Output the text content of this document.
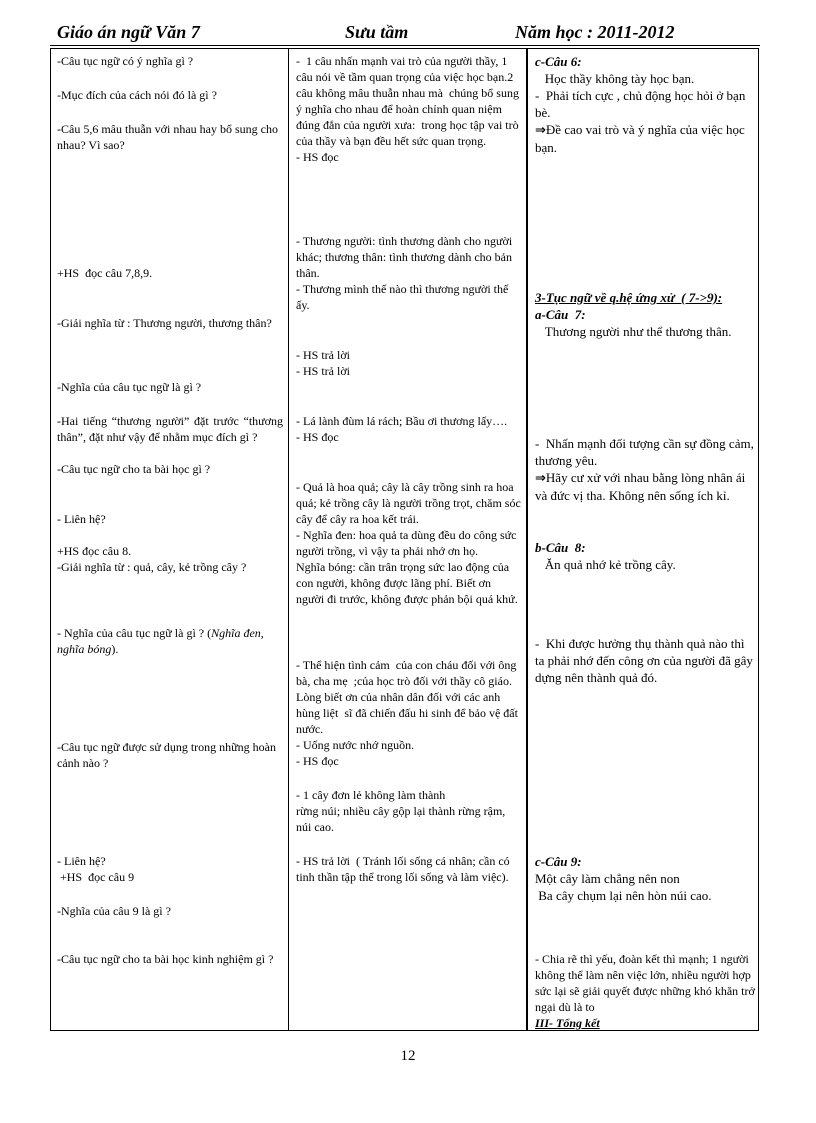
Giáo án ngữ Văn 7	Sưu tầm	Năm học : 2011-2012

-Câu tục ngữ có ý nghĩa gì ?

-Mục đích của cách nói đó là gì ?

-Câu 5,6 mâu thuẫn với nhau hay bổ sung cho nhau? Vì sao?

+HS  đọc câu 7,8,9.

-Giải nghĩa từ : Thương người, thương thân?

-Nghĩa của câu tục ngữ là gì ?

-Hai tiếng “thương người” đặt trước “thương thân”, đặt như vậy để nhằm mục đích gì ?

-Câu tục ngữ cho ta bài học gì ?

- Liên hệ?

+HS đọc câu 8.

-Giải nghĩa từ : quả, cây, kẻ trồng cây ?

- Nghĩa của câu tục ngữ là gì ? (Nghĩa đen, nghĩa bóng).

-Câu tục ngữ được sử dụng trong những hoàn cảnh nào ?

- Liên hệ?

+HS  đọc câu 9

-Nghĩa của câu 9 là gì ?

-Câu tục ngữ cho ta bài học kinh nghiệm gì ?

-  1 câu nhấn mạnh vai trò của người thầy, 1 câu nói về tầm quan trọng của việc học bạn.2 câu không mâu thuẫn nhau mà  chúng bổ sung ý nghĩa cho nhau để hoàn chỉnh quan niệm đúng đắn của người xưa:  trong học tập vai trò của thầy và bạn đều hết sức quan trọng.
- HS đọc

- Thương người: tình thương dành cho người khác; thương thân: tình thương dành cho bản thân.
- Thương mình thế nào thì thương người thế ấy.

- HS trả lời
- HS trả lời

- Lá lành đùm lá rách; Bầu ơi thương lấy….
- HS đọc

- Quả là hoa quả; cây là cây trồng sinh ra hoa quả; kẻ trồng cây là người trồng trọt, chăm sóc cây để cây ra hoa kết trái.
- Nghĩa đen: hoa quả ta dùng đều do công sức người trồng, vì vậy ta phải nhớ ơn họ.
Nghĩa bóng: cần trân trọng sức lao động của con người, không được lãng phí. Biết ơn người đi trước, không được phản bội quá khứ.

- Thể hiện tình cảm  của con cháu đối với ông bà, cha mẹ  ;của học trò đối với thầy cô giáo. Lòng biết ơn của nhân dân đối với các anh hùng liệt  sĩ đã chiến đấu hi sinh để bảo vệ đất nước.
- Uống nước nhớ nguồn.
- HS đọc

- 1 cây đơn lẻ không làm thành
rừng núi; nhiều cây gộp lại thành rừng rậm, núi cao.

- HS trả lời  ( Tránh lối sống cá nhân; cần có tinh thần tập thể trong lối sống và làm việc).

c-Câu 6:

Học thầy không tày học bạn.

-  Phải tích cực , chủ động học hỏi ở bạn bè.

⇒Đề cao vai trò và ý nghĩa của việc học bạn.

3-Tục ngữ về q.hệ ứng xử  ( 7->9):

a-Câu  7:

Thương người như thể thương thân.

-  Nhấn mạnh đối tượng cần sự đồng cảm, thương yêu.

⇒Hãy cư xử với nhau bằng lòng nhân ái và đức vị tha. Không nên sống ích kỉ.

b-Câu  8:

Ăn quả nhớ kẻ trồng cây.

-  Khi được hưởng thụ thành quả nào thì ta phải nhớ đến công ơn của người đã gây dựng nên thành quả đó.

c-Câu 9:

Một cây làm chẳng nên non
Ba cây chụm lại nên hòn núi cao.

- Chia rẽ thì yếu, đoàn kết thì mạnh; 1 người không thể làm nên việc lớn, nhiều người hợp sức lại sẽ giải quyết được những khó khăn trở ngại dù là to

III- Tổng kết

12
